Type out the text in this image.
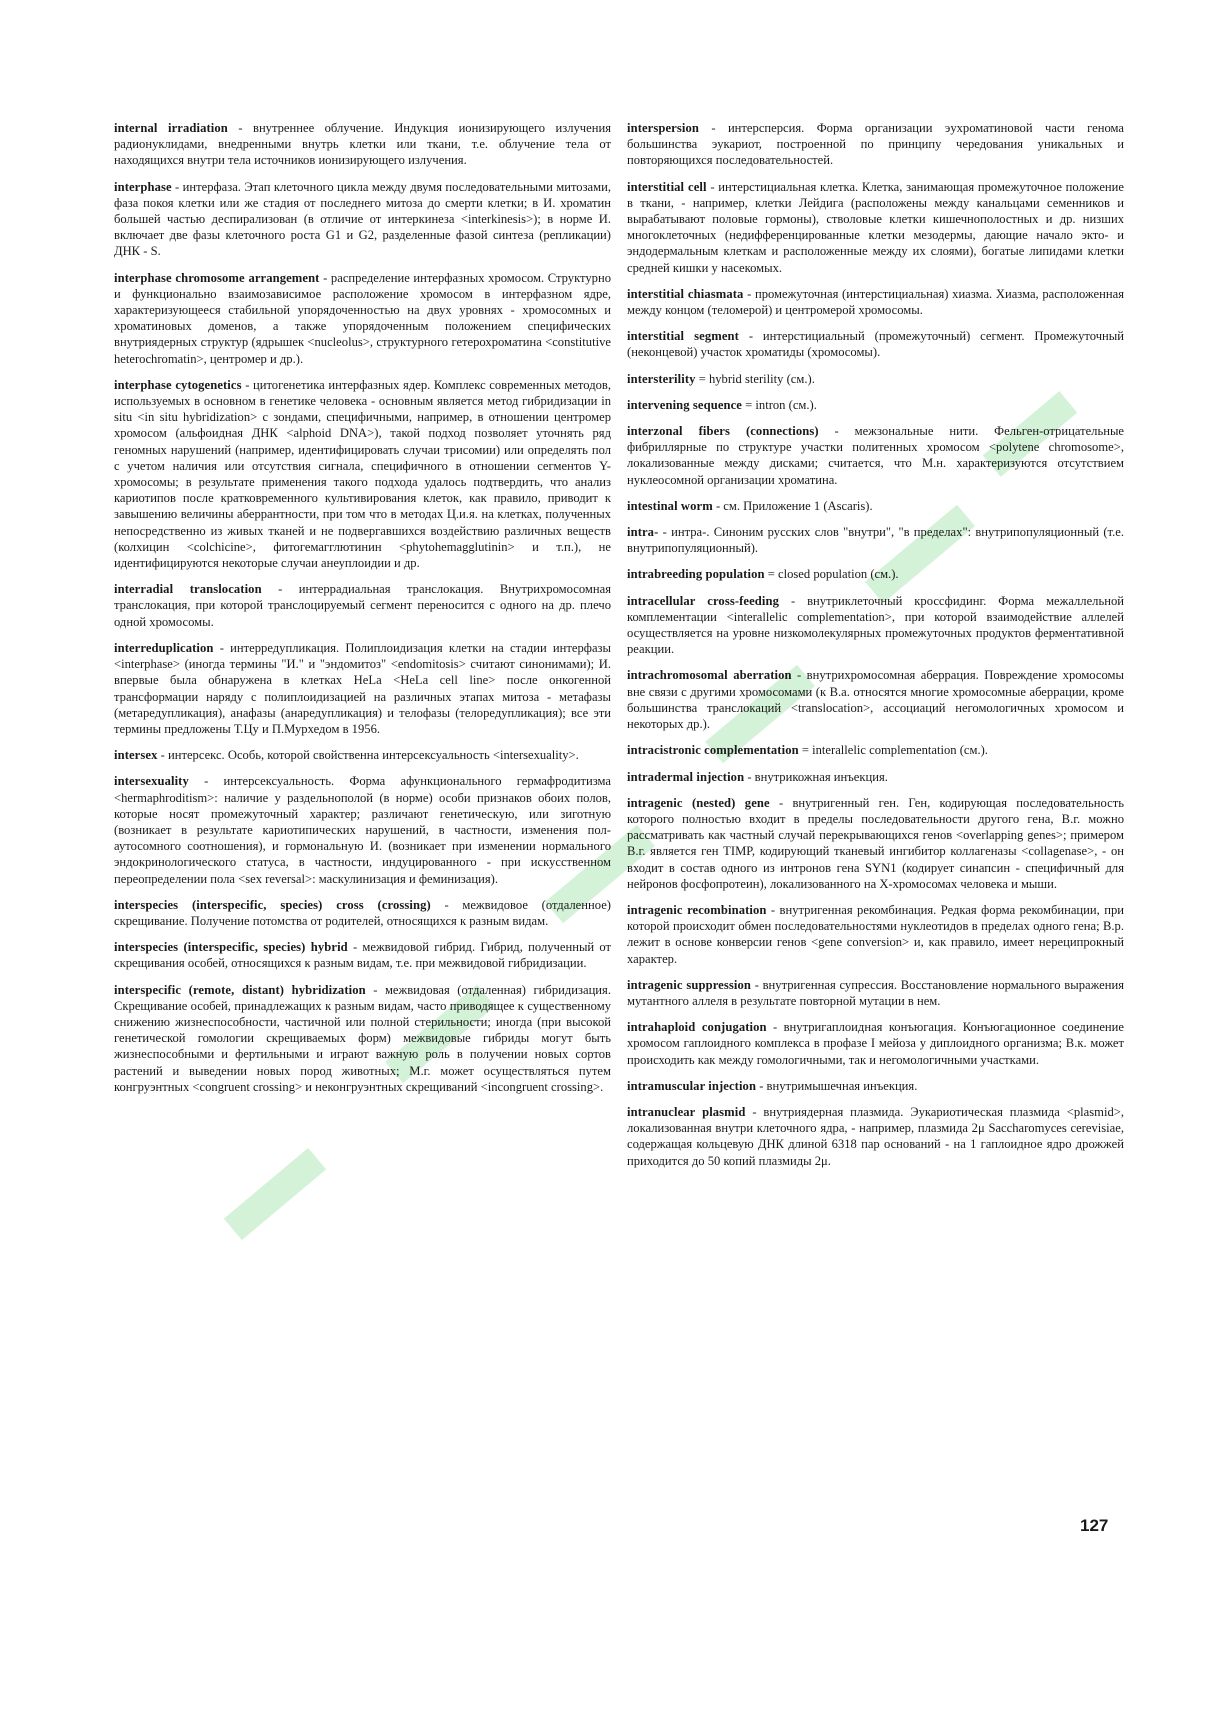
internal irradiation - внутреннее облучение. Индукция ионизирующего излучения радионуклидами, внедренными внутрь клетки или ткани, т.е. облучение тела от находящихся внутри тела источников ионизирующего излучения.

interphase - интерфаза. Этап клеточного цикла между двумя последовательными митозами, фаза покоя клетки или же стадия от последнего митоза до смерти клетки; в И. хроматин большей частью деспирализован (в отличие от интеркинеза <interkinesis>); в норме И. включает две фазы клеточного роста G1 и G2, разделенные фазой синтеза (репликации) ДНК - S.

interphase chromosome arrangement - распределение интерфазных хромосом. Структурно и функционально взаимозависимое расположение хромосом в интерфазном ядре, характеризующееся стабильной упорядоченностью на двух уровнях - хромосомных и хроматиновых доменов, а также упорядоченным положением специфических внутриядерных структур (ядрышек <nucleolus>, структурного гетерохроматина <constitutive heterochromatin>, центромер и др.).

interphase cytogenetics - цитогенетика интерфазных ядер. Комплекс современных методов, используемых в основном в генетике человека - основным является метод гибридизации in situ <in situ hybridization> с зондами, специфичными, например, в отношении центромер хромосом (альфоидная ДНК <alphoid DNA>), такой подход позволяет уточнять ряд геномных нарушений (например, идентифицировать случаи трисомии) или определять пол с учетом наличия или отсутствия сигнала, специфичного в отношении сегментов Y-хромосомы; в результате применения такого подхода удалось подтвердить, что анализ кариотипов после кратковременного культивирования клеток, как правило, приводит к завышению величины аберрантности, при том что в методах Ц.и.я. на клетках, полученных непосредственно из живых тканей и не подвергавшихся воздействию различных веществ (колхицин <colchicine>, фитогемагглютинин <phytohemagglutinin> и т.п.), не идентифицируются некоторые случаи анеуплоидии и др.

interradial translocation - интеррадиальная транслокация. Внутрихромосомная транслокация, при которой транслоцируемый сегмент переносится с одного на др. плечо одной хромосомы.

interreduplication - интерредупликация. Полиплоидизация клетки на стадии интерфазы <interphase> (иногда термины "И." и "эндомитоз" <endomitosis> считают синонимами); И. впервые была обнаружена в клетках HeLa <HeLa cell line> после онкогенной трансформации наряду с полиплоидизацией на различных этапах митоза - метафазы (метаредупликация), анафазы (анаредупликация) и телофазы (телоредупликация); все эти термины предложены Т.Цу и П.Мурхедом в 1956.

intersex - интерсекс. Особь, которой свойственна интерсексуальность <intersexuality>.

intersexuality - интерсексуальность. Форма афункционального гермафродитизма <hermaphroditism>: наличие у раздельнополой (в норме) особи признаков обоих полов, которые носят промежуточный характер; различают генетическую, или зиготную (возникает в результате кариотипических нарушений, в частности, изменения пол-аутосомного соотношения), и гормональную И. (возникает при изменении нормального эндокринологического статуса, в частности, индуцированного - при искусственном переопределении пола <sex reversal>: маскулинизация и феминизация).

interspecies (interspecific, species) cross (crossing) - межвидовое (отдаленное) скрещивание. Получение потомства от родителей, относящихся к разным видам.

interspecies (interspecific, species) hybrid - межвидовой гибрид. Гибрид, полученный от скрещивания особей, относящихся к разным видам, т.е. при межвидовой гибридизации.

interspecific (remote, distant) hybridization - межвидовая (отдаленная) гибридизация. Скрещивание особей, принадлежащих к разным видам, часто приводящее к существенному снижению жизнеспособности, частичной или полной стерильности; иногда (при высокой генетической гомологии скрещиваемых форм) межвидовые гибриды могут быть жизнеспособными и фертильными и играют важную роль в получении новых сортов растений и выведении новых пород животных; М.г. может осуществляться путем конгруэнтных <congruent crossing> и неконгруэнтных скрещиваний <incongruent crossing>.

interspersion - интерсперсия. Форма организации эухроматиновой части генома большинства эукариот, построенной по принципу чередования уникальных и повторяющихся последовательностей.

interstitial cell - интерстициальная клетка. Клетка, занимающая промежуточное положение в ткани, - например, клетки Лейдига (расположены между канальцами семенников и вырабатывают половые гормоны), стволовые клетки кишечнополостных и др. низших многоклеточных (недифференцированные клетки мезодермы, дающие начало экто- и эндодермальным клеткам и расположенные между их слоями), богатые липидами клетки средней кишки у насекомых.

interstitial chiasmata - промежуточная (интерстициальная) хиазма. Хиазма, расположенная между концом (теломерой) и центромерой хромосомы.

interstitial segment - интерстициальный (промежуточный) сегмент. Промежуточный (неконцевой) участок хроматиды (хромосомы).

intersterility = hybrid sterility (см.).

intervening sequence = intron (см.).

interzonal fibers (connections) - межзональные нити. Фельген-отрицательные фибриллярные по структуре участки политенных хромосом <polytene chromosome>, локализованные между дисками; считается, что М.н. характеризуются отсутствием нуклеосомной организации хроматина.

intestinal worm - см. Приложение 1 (Ascaris).

intra- - интра-. Синоним русских слов "внутри", "в пределах": внутрипопуляционный (т.е. внутрипопуляционный).

intrabreeding population = closed population (см.).

intracellular cross-feeding - внутриклеточный кроссфидинг. Форма межаллельной комплементации <interallelic complementation>, при которой взаимодействие аллелей осуществляется на уровне низкомолекулярных промежуточных продуктов ферментативной реакции.

intrachromosomal aberration - внутрихромосомная аберрация. Повреждение хромосомы вне связи с другими хромосомами (к В.а. относятся многие хромосомные аберрации, кроме большинства транслокаций <translocation>, ассоциаций негомологичных хромосом и некоторых др.).

intracistronic complementation = interallelic complementation (см.).

intradermal injection - внутрикожная инъекция.

intragenic (nested) gene - внутригенный ген. Ген, кодирующая последовательность которого полностью входит в пределы последовательности другого гена, В.г. можно рассматривать как частный случай перекрывающихся генов <overlapping genes>; примером В.г. является ген TIMP, кодирующий тканевый ингибитор коллагеназы <collagenase>, - он входит в состав одного из интронов гена SYN1 (кодирует синапсин - специфичный для нейронов фосфопротеин), локализованного на X-хромосомах человека и мыши.

intragenic recombination - внутригенная рекомбинация. Редкая форма рекомбинации, при которой происходит обмен последовательностями нуклеотидов в пределах одного гена; В.р. лежит в основе конверсии генов <gene conversion> и, как правило, имеет нереципрокный характер.

intragenic suppression - внутригенная супрессия. Восстановление нормального выражения мутантного аллеля в результате повторной мутации в нем.

intrahaploid conjugation - внутригаплоидная конъюгация. Конъюгационное соединение хромосом гаплоидного комплекса в профазе I мейоза у диплоидного организма; В.к. может происходить как между гомологичными, так и негомологичными участками.

intramuscular injection - внутримышечная инъекция.

intranuclear plasmid - внутриядерная плазмида. Эукариотическая плазмида <plasmid>, локализованная внутри клеточного ядра, - например, плазмида 2μ Saccharomyces cerevisiae, содержащая кольцевую ДНК длиной 6318 пар оснований - на 1 гаплоидное ядро дрожжей приходится до 50 копий плазмиды 2μ.

127
